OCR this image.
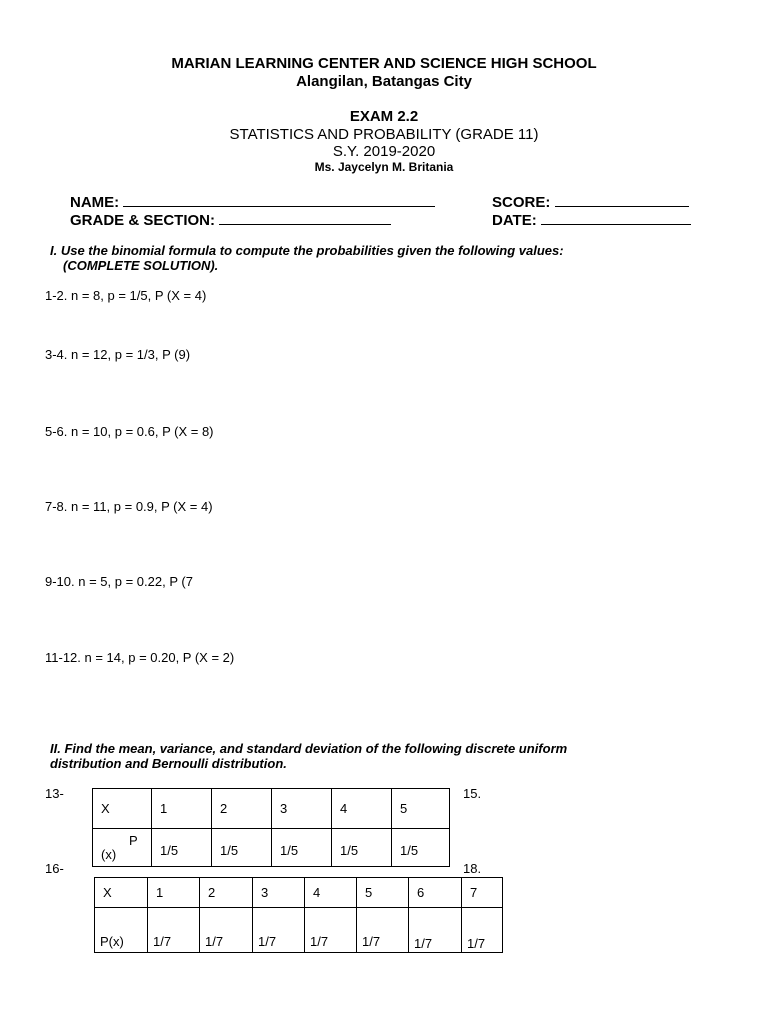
MARIAN LEARNING CENTER AND SCIENCE HIGH SCHOOL
Alangilan, Batangas City
EXAM 2.2
STATISTICS AND PROBABILITY (GRADE 11)
S.Y. 2019-2020
Ms. Jaycelyn M. Britania
NAME:	SCORE:
GRADE & SECTION:	DATE:
I. Use the binomial formula to compute the probabilities given the following values:
(COMPLETE SOLUTION).
1-2. n = 8, p = 1/5, P (X = 4)
3-4. n = 12, p = 1/3, P (9)
5-6. n = 10, p = 0.6, P (X = 8)
7-8. n = 11, p = 0.9, P (X = 4)
9-10. n = 5, p = 0.22, P (7
11-12. n = 14, p = 0.20, P (X = 2)
II. Find the mean, variance, and standard deviation of the following discrete uniform
distribution and Bernoulli distribution.
13-	15.
X	1	2	3	4	5

P
(x)	1/5	1/5	1/5	1/5	1/5
16-	18.
X	1	2	3	4	5	6	7
P(x)	1/7	1/7	1/7	1/7	1/7	1/7	1/7
